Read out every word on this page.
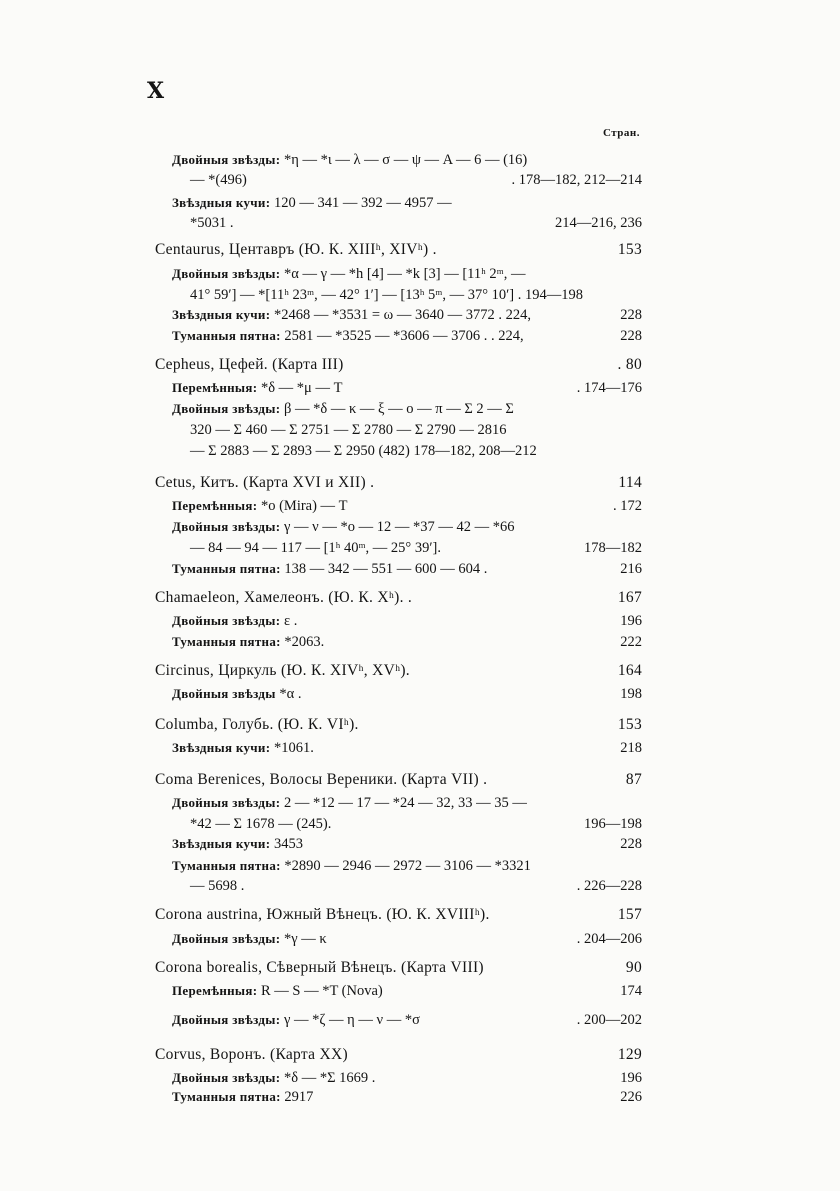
X
Стран.
Двойныя звѣзды: *η — *ι — λ — σ — ψ — A — 6 — (16)
— *(496)	. 178—182, 212—214
Звѣздныя кучи: 120 — 341 — 392 — 4957 —
*5031 .	214—216, 236
Centaurus, Центавръ (Ю. К. XIIIʰ, XIVʰ) .	153
Двойныя звѣзды: *α — γ — *h [4] — *k [3] — [11ʰ 2ᵐ, —
41° 59′] — *[11ʰ 23ᵐ, — 42° 1′] — [13ʰ 5ᵐ, — 37° 10′] . 194—198
Звѣздныя кучи: *2468 — *3531 = ω — 3640 — 3772 . 224,	228
Туманныя пятна: 2581 — *3525 — *3606 — 3706 . . 224,	228
Cepheus, Цефей. (Карта III)	. 80
Перемѣнныя: *δ — *μ — T	. 174—176
Двойныя звѣзды: β — *δ — κ — ξ — ο — π — Σ 2 — Σ
320 — Σ 460 — Σ 2751 — Σ 2780 — Σ 2790 — 2816
— Σ 2883 — Σ 2893 — Σ 2950 (482) 178—182, 208—212
Cetus, Китъ. (Карта XVI и XII) .	114
Перемѣнныя: *ο (Mira) — T	. 172
Двойныя звѣзды: γ — ν — *ο — 12 — *37 — 42 — *66
— 84 — 94 — 117 — [1ʰ 40ᵐ, — 25° 39′].	178—182
Туманныя пятна: 138 — 342 — 551 — 600 — 604 .	216
Chamaeleon, Хамелеонъ. (Ю. К. Xʰ). .	167
Двойныя звѣзды: ε .	196
Туманныя пятна: *2063.	222
Circinus, Циркуль (Ю. К. XIVʰ, XVʰ).	164
Двойныя звѣзды *α .	198
Columba, Голубь. (Ю. К. VIʰ).	153
Звѣздныя кучи: *1061.	218
Coma Berenices, Волосы Вереники. (Карта VII) .	87
Двойныя звѣзды: 2 — *12 — 17 — *24 — 32, 33 — 35 —
*42 — Σ 1678 — (245).	196—198
Звѣздныя кучи: 3453	228
Туманныя пятна: *2890 — 2946 — 2972 — 3106 — *3321
— 5698 .	. 226—228
Corona austrina, Южный Вѣнецъ. (Ю. К. XVIIIʰ).	157
Двойныя звѣзды: *γ — κ	. 204—206
Corona borealis, Сѣверный Вѣнецъ. (Карта VIII)	90
Перемѣнныя: R — S — *T (Nova)	174
Двойныя звѣзды: γ — *ζ — η — ν — *σ	. 200—202
Corvus, Воронъ. (Карта XX)	129
Двойныя звѣзды: *δ — *Σ 1669 .	196
Туманныя пятна: 2917	226
